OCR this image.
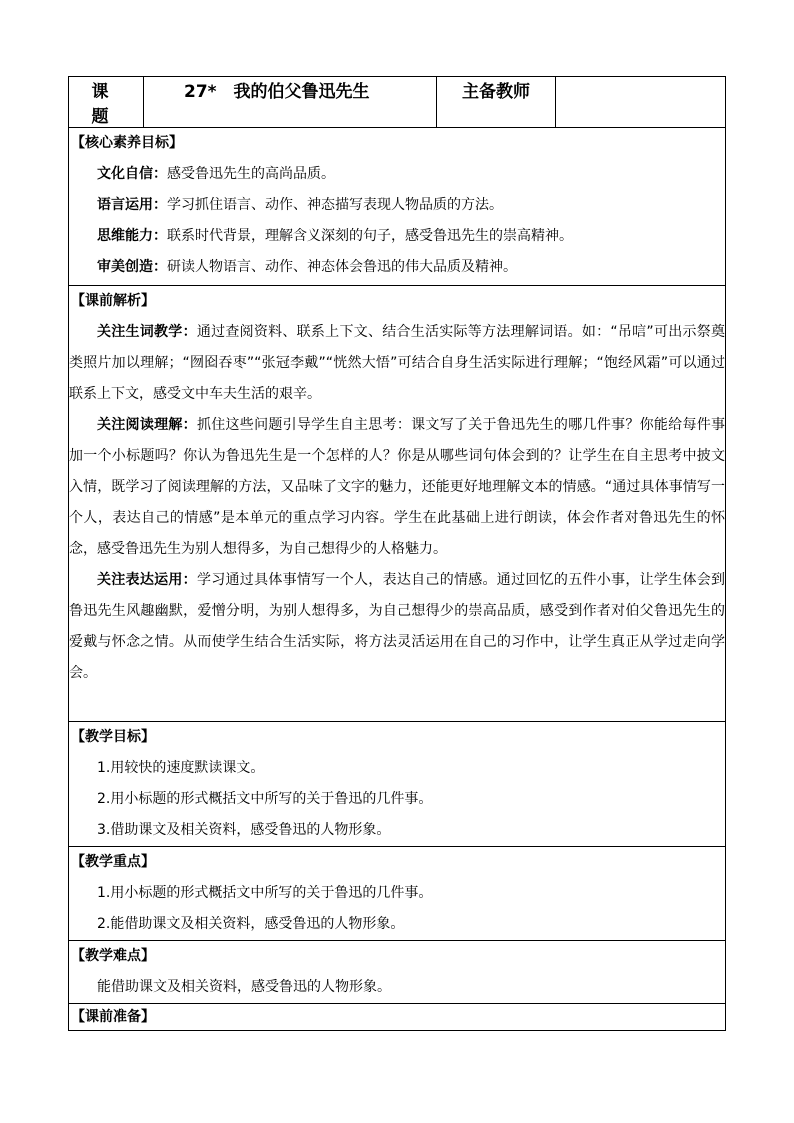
课 题	27*　我的伯父鲁迅先生	主备教师	

【核心素养目标】
文化自信：感受鲁迅先生的高尚品质。
语言运用：学习抓住语言、动作、神态描写表现人物品质的方法。
思维能力：联系时代背景，理解含义深刻的句子，感受鲁迅先生的崇高精神。
审美创造：研读人物语言、动作、神态体会鲁迅的伟大品质及精神。

【课前解析】
关注生词教学：通过查阅资料、联系上下文、结合生活实际等方法理解词语。如：“吊唁”可出示祭奠类照片加以理解；“囫囵吞枣”“张冠李戴”“恍然大悟”可结合自身生活实际进行理解；“饱经风霜”可以通过联系上下文，感受文中车夫生活的艰辛。
关注阅读理解：抓住这些问题引导学生自主思考：课文写了关于鲁迅先生的哪几件事？你能给每件事加一个小标题吗？你认为鲁迅先生是一个怎样的人？你是从哪些词句体会到的？让学生在自主思考中披文入情，既学习了阅读理解的方法，又品味了文字的魅力，还能更好地理解文本的情感。“通过具体事情写一个人，表达自己的情感”是本单元的重点学习内容。学生在此基础上进行朗读，体会作者对鲁迅先生的怀念，感受鲁迅先生为别人想得多，为自己想得少的人格魅力。
关注表达运用：学习通过具体事情写一个人，表达自己的情感。通过回忆的五件小事，让学生体会到鲁迅先生风趣幽默，爱憎分明，为别人想得多，为自己想得少的崇高品质，感受到作者对伯父鲁迅先生的爱戴与怀念之情。从而使学生结合生活实际，将方法灵活运用在自己的习作中，让学生真正从学过走向学会。

【教学目标】
1.用较快的速度默读课文。
2.用小标题的形式概括文中所写的关于鲁迅的几件事。
3.借助课文及相关资料，感受鲁迅的人物形象。

【教学重点】
1.用小标题的形式概括文中所写的关于鲁迅的几件事。
2.能借助课文及相关资料，感受鲁迅的人物形象。

【教学难点】
能借助课文及相关资料，感受鲁迅的人物形象。

【课前准备】
